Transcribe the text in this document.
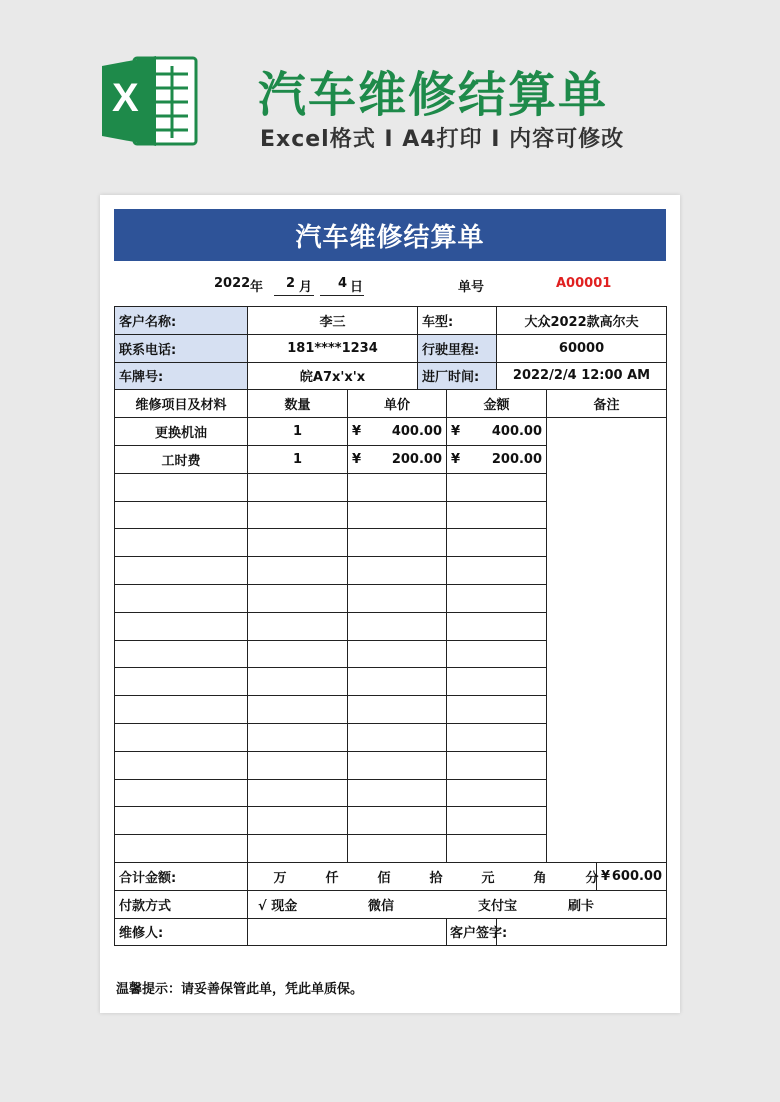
X 汽车维修结算单
Excel格式 I A4打印 I 内容可修改
汽车维修结算单
2022 年 2 月 4 日	单号	A00001
客户名称:	李三		车型:		大众2022款高尔夫		
联系电话:	181****1234		行驶里程:		60000		
车牌号:	皖A7x'x'x		进厂时间:		2022/2/4 12:00 AM		
维修项目及材料	数量	单价		金额		备注	
更换机油	1	¥ 400.00		¥ 400.00			

工时费	1	¥ 200.00		¥ 200.00			

合计金额:	万 仟 佰 拾 元 角 分						¥ 600.00

付款方式	√ 现金 微信 支付宝 刷卡						
维修人:				客户签字:			
温馨提示：请妥善保管此单，凭此单质保。
